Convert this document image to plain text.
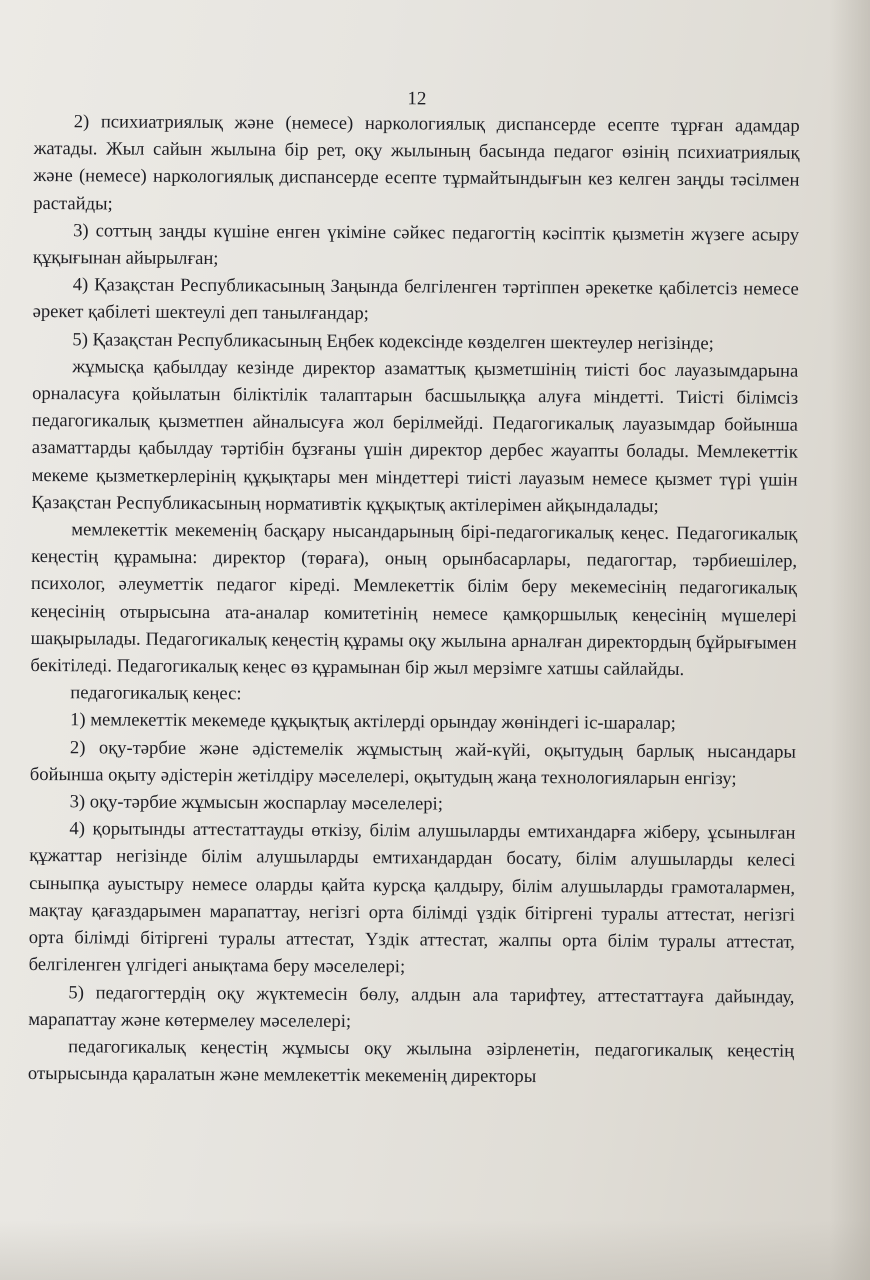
12

2) психиатриялық және (немесе) наркологиялық диспансерде есепте тұрған адамдар жатады. Жыл сайын жылына бір рет, оқу жылының басында педагог өзінің психиатриялық және (немесе) наркологиялық диспансерде есепте тұрмайтындығын кез келген заңды тәсілмен растайды;

3) соттың заңды күшіне енген үкiмiне сәйкес педагогтің кәсiптiк қызметiн жүзеге асыру құқығынан айырылған;

4) Қазақстан Республикасының Заңында белгiленген тәртiппен әрекетке қабiлетсiз немесе әрекет қабiлетi шектеулi деп танылғандар;

5) Қазақстан Республикасының Еңбек кодексінде көзделген шектеулер негізінде;

жұмысқа қабылдау кезінде директор азаматтық қызметшінің тиісті бос лауазымдарына орналасуға қойылатын біліктілік талаптарын басшылыққа алуға міндетті. Тиісті білімсіз педагогикалық қызметпен айналысуға жол берілмейді. Педагогикалық лауазымдар бойынша азаматтарды қабылдау тәртібін бұзғаны үшін директор дербес жауапты болады. Мемлекеттік мекеме қызметкерлерінің құқықтары мен міндеттері тиісті лауазым немесе қызмет түрі үшін Қазақстан Республикасының нормативтік құқықтық актілерімен айқындалады;

мемлекеттік мекеменің басқару нысандарының бірі-педагогикалық кеңес. Педагогикалық кеңестің құрамына: директор (төраға), оның орынбасарлары, педагогтар, тәрбиешілер, психолог, әлеуметтік педагог кіреді. Мемлекеттік білім беру мекемесінің педагогикалық кеңесінің отырысына ата-аналар комитетінің немесе қамқоршылық кеңесінің мүшелері шақырылады. Педагогикалық кеңестің құрамы оқу жылына арналған директордың бұйрығымен бекітіледі. Педагогикалық кеңес өз құрамынан бір жыл мерзімге хатшы сайлайды.

педагогикалық кеңес:

1) мемлекеттік мекемеде құқықтық актілерді орындау жөніндегі іс-шаралар;

2) оқу-тәрбие және әдістемелік жұмыстың жай-күйі, оқытудың барлық нысандары бойынша оқыту әдістерін жетілдіру мәселелері, оқытудың жаңа технологияларын енгізу;

3) оқу-тәрбие жұмысын жоспарлау мәселелері;

4) қорытынды аттестаттауды өткізу, білім алушыларды емтихандарға жіберу, ұсынылған құжаттар негізінде білім алушыларды емтихандардан босату, білім алушыларды келесі сыныпқа ауыстыру немесе оларды қайта курсқа қалдыру, білім алушыларды грамоталармен, мақтау қағаздарымен марапаттау, негізгі орта білімді үздік бітіргені туралы аттестат, негізгі орта білімді бітіргені туралы аттестат, Үздік аттестат, жалпы орта білім туралы аттестат, белгіленген үлгідегі анықтама беру мәселелері;

5) педагогтердің оқу жүктемесін бөлу, алдын ала тарифтеу, аттестаттауға дайындау, марапаттау және көтермелеу мәселелері;

педагогикалық кеңестің жұмысы оқу жылына әзірленетін, педагогикалық кеңестің отырысында қаралатын және мемлекеттік мекеменің директоры
